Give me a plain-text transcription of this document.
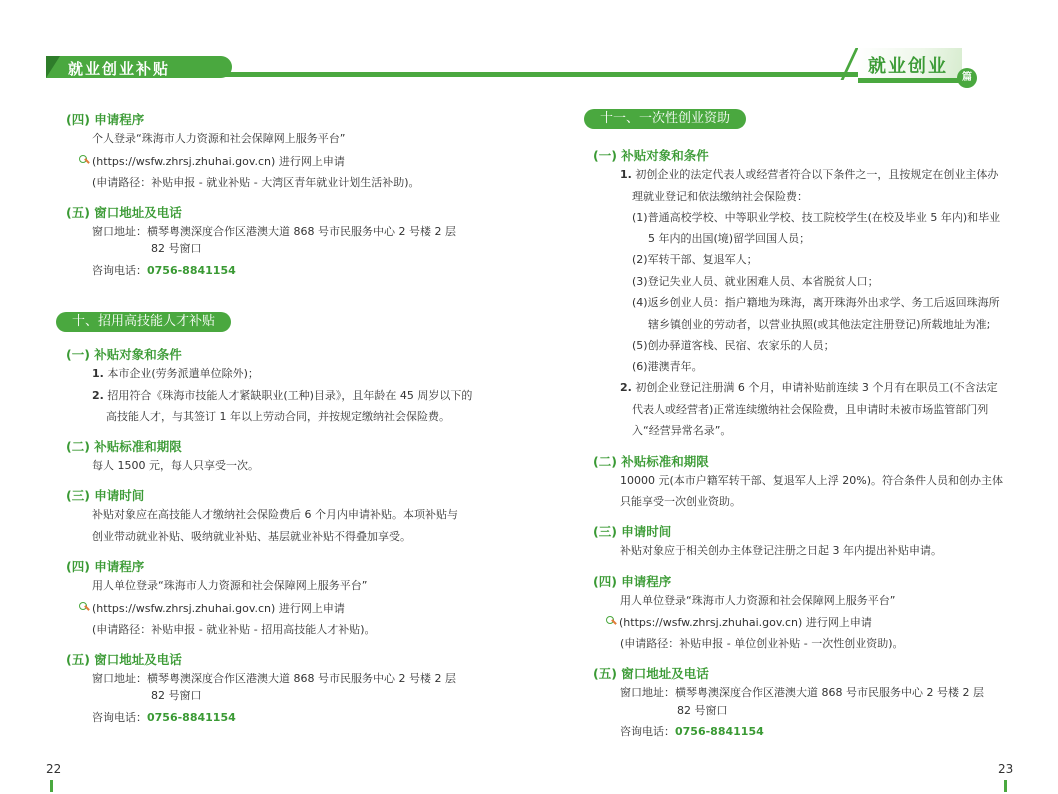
就业创业补贴	就业创业
篇
(四) 申请程序
个人登录“珠海市人力资源和社会保障网上服务平台”
(https://wsfw.zhrsj.zhuhai.gov.cn) 进行网上申请
(申请路径：补贴申报 - 就业补贴 - 大湾区青年就业计划生活补助)。
(五) 窗口地址及电话
窗口地址：横琴粤澳深度合作区港澳大道 868 号市民服务中心 2 号楼 2 层
82 号窗口
咨询电话：0756-8841154
十、招用高技能人才补贴
(一) 补贴对象和条件
1. 本市企业(劳务派遣单位除外)；
2. 招用符合《珠海市技能人才紧缺职业(工种)目录》，且年龄在 45 周岁以下的
高技能人才，与其签订 1 年以上劳动合同，并按规定缴纳社会保险费。
(二) 补贴标准和期限
每人 1500 元，每人只享受一次。
(三) 申请时间
补贴对象应在高技能人才缴纳社会保险费后 6 个月内申请补贴。本项补贴与
创业带动就业补贴、吸纳就业补贴、基层就业补贴不得叠加享受。
(四) 申请程序
用人单位登录“珠海市人力资源和社会保障网上服务平台”
(https://wsfw.zhrsj.zhuhai.gov.cn) 进行网上申请
(申请路径：补贴申报 - 就业补贴 - 招用高技能人才补贴)。
(五) 窗口地址及电话
窗口地址：横琴粤澳深度合作区港澳大道 868 号市民服务中心 2 号楼 2 层
82 号窗口
咨询电话：0756-8841154
22
十一、一次性创业资助
(一) 补贴对象和条件
1. 初创企业的法定代表人或经营者符合以下条件之一，且按规定在创业主体办
理就业登记和依法缴纳社会保险费：
(1)普通高校学校、中等职业学校、技工院校学生(在校及毕业 5 年内)和毕业
5 年内的出国(境)留学回国人员；
(2)军转干部、复退军人；
(3)登记失业人员、就业困难人员、本省脱贫人口；
(4)返乡创业人员：指户籍地为珠海，离开珠海外出求学、务工后返回珠海所
辖乡镇创业的劳动者，以营业执照(或其他法定注册登记)所载地址为准;
(5)创办驿道客栈、民宿、农家乐的人员；
(6)港澳青年。
2. 初创企业登记注册满 6 个月，申请补贴前连续 3 个月有在职员工(不含法定
代表人或经营者)正常连续缴纳社会保险费，且申请时未被市场监管部门列
入“经营异常名录”。
(二) 补贴标准和期限
10000 元(本市户籍军转干部、复退军人上浮 20%)。符合条件人员和创办主体
只能享受一次创业资助。
(三) 申请时间
补贴对象应于相关创办主体登记注册之日起 3 年内提出补贴申请。
(四) 申请程序
用人单位登录“珠海市人力资源和社会保障网上服务平台”
(https://wsfw.zhrsj.zhuhai.gov.cn) 进行网上申请
(申请路径：补贴申报 - 单位创业补贴 - 一次性创业资助)。
(五) 窗口地址及电话
窗口地址：横琴粤澳深度合作区港澳大道 868 号市民服务中心 2 号楼 2 层
82 号窗口
咨询电话：0756-8841154
23
